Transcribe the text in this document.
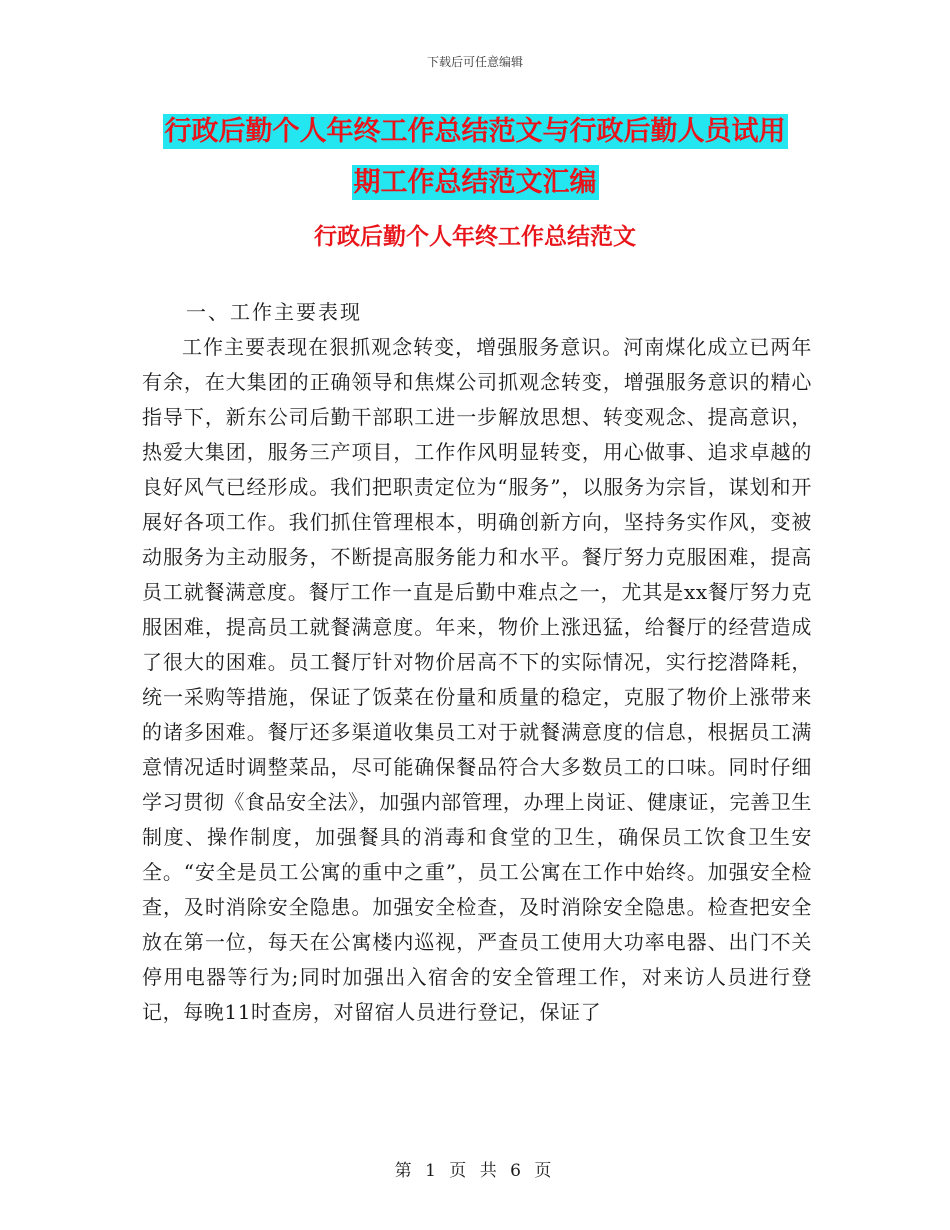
下载后可任意编辑
行政后勤个人年终工作总结范文与行政后勤人员试用
期工作总结范文汇编
行政后勤个人年终工作总结范文
一、工作主要表现

工作主要表现在狠抓观念转变，增强服务意识。河南煤化成立已两年有余，在大集团的正确领导和焦煤公司抓观念转变，增强服务意识的精心指导下，新东公司后勤干部职工进一步解放思想、转变观念、提高意识，热爱大集团，服务三产项目，工作作风明显转变，用心做事、追求卓越的良好风气已经形成。我们把职责定位为“服务”，以服务为宗旨，谋划和开展好各项工作。我们抓住管理根本，明确创新方向，坚持务实作风，变被动服务为主动服务，不断提高服务能力和水平。餐厅努力克服困难，提高员工就餐满意度。餐厅工作一直是后勤中难点之一，尤其是xx餐厅努力克服困难，提高员工就餐满意度。年来，物价上涨迅猛，给餐厅的经营造成了很大的困难。员工餐厅针对物价居高不下的实际情况，实行挖潜降耗，统一采购等措施，保证了饭菜在份量和质量的稳定，克服了物价上涨带来的诸多困难。餐厅还多渠道收集员工对于就餐满意度的信息，根据员工满意情况适时调整菜品，尽可能确保餐品符合大多数员工的口味。同时仔细学习贯彻《食品安全法》，加强内部管理，办理上岗证、健康证，完善卫生制度、操作制度，加强餐具的消毒和食堂的卫生，确保员工饮食卫生安全。“安全是员工公寓的重中之重”，员工公寓在工作中始终。加强安全检查，及时消除安全隐患。加强安全检查，及时消除安全隐患。检查把安全放在第一位，每天在公寓楼内巡视，严查员工使用大功率电器、出门不关停用电器等行为;同时加强出入宿舍的安全管理工作，对来访人员进行登记，每晚11时查房，对留宿人员进行登记，保证了

第 1 页 共 6 页
